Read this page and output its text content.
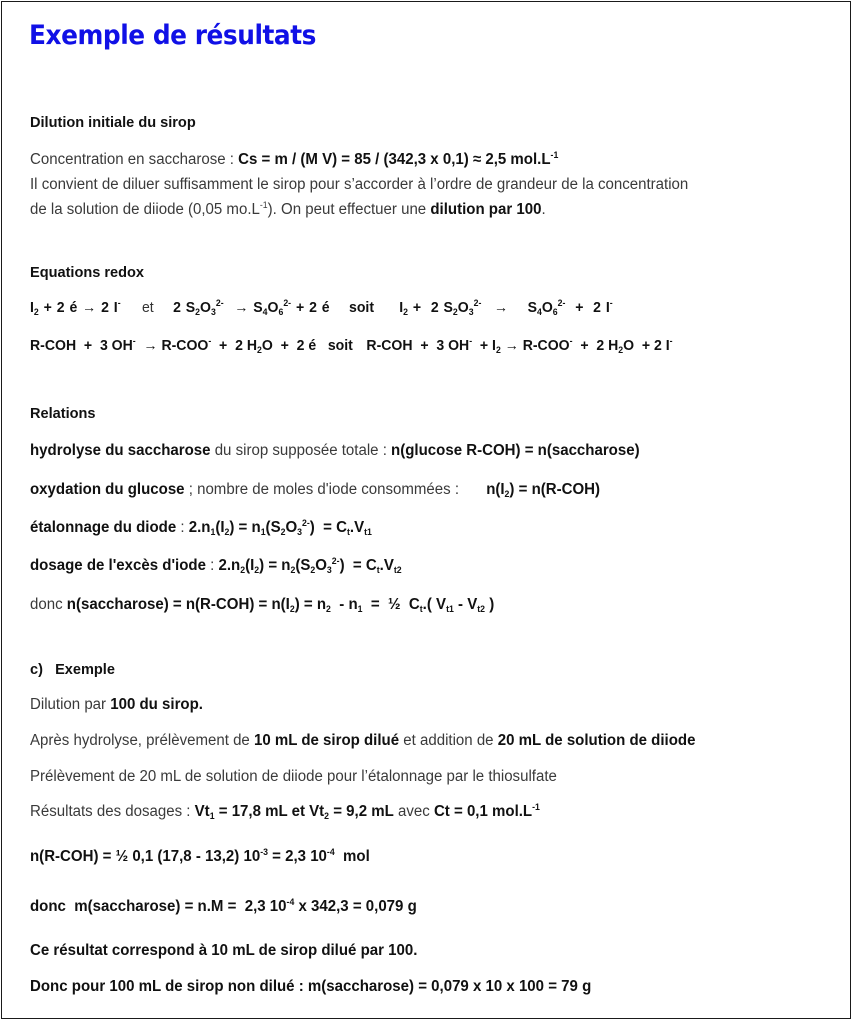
Exemple de résultats
Dilution initiale du sirop
Concentration en saccharose : Cs = m / (M V) = 85 / (342,3 x 0,1) ≈ 2,5 $mol.L^{-1}$
Il convient de diluer suffisamment le sirop pour s’accorder à l’ordre de grandeur de la concentration
de la solution de diiode (0,05 $mo.L^{-1}$). On peut effectuer une dilution par 100.
Equations redox
$I_2 + 2$ é → 2 I- et 2 $S_2O_3^{2-} \to S_4O_6^{2-} + 2$ é soit $I_2 + 2$ $S_2O_3^{2-}$ →    $S_4O_6^{2-} + 2$ I-
R-COH  +  3 OH- → R-COO-  +  2 $H_2O + 2$ é soit R-COH  +  3 $OH^- + I_2 \to R-COO^- + 2$ $H_2O + 2$ I-
Relations
hydrolyse du saccharose du sirop supposée totale : n(glucose R-COH) = n(saccharose)
oxydation du glucose ; nombre de moles d'iode consommées : $n(I_2) = n(R-COH)$
étalonnage du diode : $2.n_1(I_2) = n_1(S_2O_3^{2-}) = C_t.V_{t1}$
dosage de l'excès d'iode : $2.n_2(I_2) = n_2(S_2O_3^{2-}) = C_t.V_{t2}$
donc n(saccharose) = $n(R-COH) = n(I_2) = n_2 - n_1$  =  ½  $C_t$.( $V_{t1} - V_{t2}$ )
c)   Exemple
Dilution par 100 du sirop.
Après hydrolyse, prélèvement de 10 mL de sirop dilué et addition de 20 mL de solution de diiode
Prélèvement de 20 mL de solution de diiode pour l’étalonnage par le thiosulfate
Résultats des dosages : $Vt_1 = 17,8$ mL et $Vt_2 = 9,2$ mL avec Ct = 0,1 $mol.L^{-1}$
n(R-COH) = ½ 0,1 (17,8 - 13,2) $10^{-3} = 2,3$ $10^{-4}$  mol
donc  m(saccharose) = n.M =  2,3 $10^{-4}$ x 342,3 = 0,079 g
Ce résultat correspond à 10 mL de sirop dilué par 100.
Donc pour 100 mL de sirop non dilué : m(saccharose) = 0,079 x 10 x 100 = 79 g
